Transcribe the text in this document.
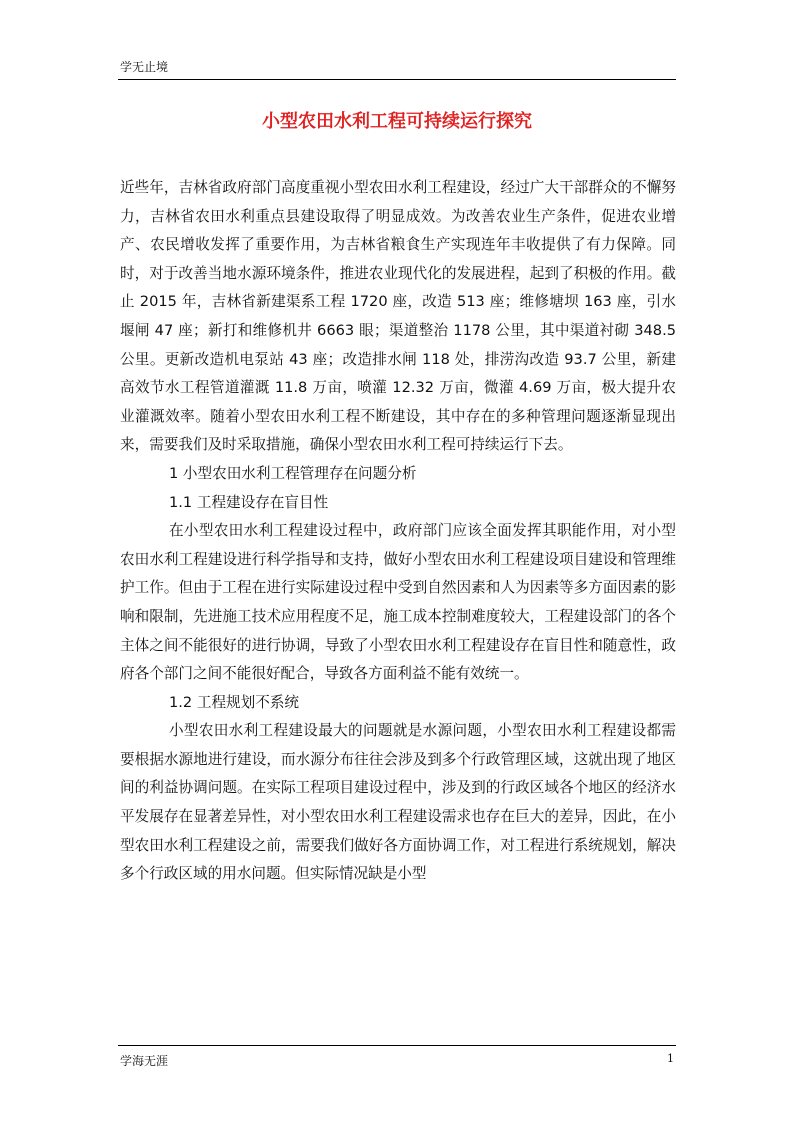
学无止境
小型农田水利工程可持续运行探究

近些年，吉林省政府部门高度重视小型农田水利工程建设，经过广大干部群众的不懈努力，吉林省农田水利重点县建设取得了明显成效。为改善农业生产条件，促进农业增产、农民增收发挥了重要作用，为吉林省粮食生产实现连年丰收提供了有力保障。同时，对于改善当地水源环境条件，推进农业现代化的发展进程，起到了积极的作用。截止 2015 年，吉林省新建渠系工程 1720 座，改造 513 座；维修塘坝 163 座，引水堰闸 47 座；新打和维修机井 6663 眼；渠道整治 1178 公里，其中渠道衬砌 348.5 公里。更新改造机电泵站 43 座；改造排水闸 118 处，排涝沟改造 93.7 公里，新建高效节水工程管道灌溉 11.8 万亩，喷灌 12.32 万亩，微灌 4.69 万亩，极大提升农业灌溉效率。随着小型农田水利工程不断建设，其中存在的多种管理问题逐渐显现出来，需要我们及时采取措施，确保小型农田水利工程可持续运行下去。

1 小型农田水利工程管理存在问题分析

1.1 工程建设存在盲目性

在小型农田水利工程建设过程中，政府部门应该全面发挥其职能作用，对小型农田水利工程建设进行科学指导和支持，做好小型农田水利工程建设项目建设和管理维护工作。但由于工程在进行实际建设过程中受到自然因素和人为因素等多方面因素的影响和限制，先进施工技术应用程度不足，施工成本控制难度较大，工程建设部门的各个主体之间不能很好的进行协调，导致了小型农田水利工程建设存在盲目性和随意性，政府各个部门之间不能很好配合，导致各方面利益不能有效统一。

1.2 工程规划不系统

小型农田水利工程建设最大的问题就是水源问题，小型农田水利工程建设都需要根据水源地进行建设，而水源分布往往会涉及到多个行政管理区域，这就出现了地区间的利益协调问题。在实际工程项目建设过程中，涉及到的行政区域各个地区的经济水平发展存在显著差异性，对小型农田水利工程建设需求也存在巨大的差异，因此，在小型农田水利工程建设之前，需要我们做好各方面协调工作，对工程进行系统规划，解决多个行政区域的用水问题。但实际情况缺是小型

学海无涯	1
